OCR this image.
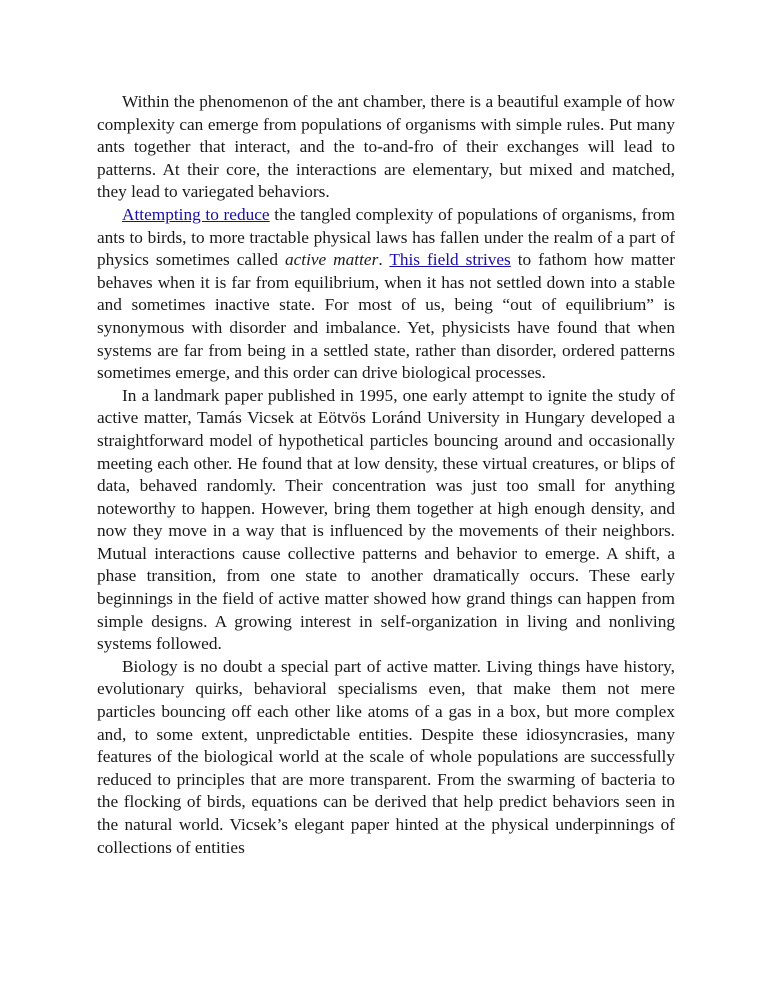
Within the phenomenon of the ant chamber, there is a beautiful example of how complexity can emerge from populations of organisms with simple rules. Put many ants together that interact, and the to-and-fro of their exchanges will lead to patterns. At their core, the interactions are elementary, but mixed and matched, they lead to variegated behaviors.

Attempting to reduce the tangled complexity of populations of organisms, from ants to birds, to more tractable physical laws has fallen under the realm of a part of physics sometimes called active matter. This field strives to fathom how matter behaves when it is far from equilibrium, when it has not settled down into a stable and sometimes inactive state. For most of us, being “out of equilibrium” is synonymous with disorder and imbalance. Yet, physicists have found that when systems are far from being in a settled state, rather than disorder, ordered patterns sometimes emerge, and this order can drive biological processes.

In a landmark paper published in 1995, one early attempt to ignite the study of active matter, Tamás Vicsek at Eötvös Loránd University in Hungary developed a straightforward model of hypothetical particles bouncing around and occasionally meeting each other. He found that at low density, these virtual creatures, or blips of data, behaved randomly. Their concentration was just too small for anything noteworthy to happen. However, bring them together at high enough density, and now they move in a way that is influenced by the movements of their neighbors. Mutual interactions cause collective patterns and behavior to emerge. A shift, a phase transition, from one state to another dramatically occurs. These early beginnings in the field of active matter showed how grand things can happen from simple designs. A growing interest in self-organization in living and nonliving systems followed.

Biology is no doubt a special part of active matter. Living things have history, evolutionary quirks, behavioral specialisms even, that make them not mere particles bouncing off each other like atoms of a gas in a box, but more complex and, to some extent, unpredictable entities. Despite these idiosyncrasies, many features of the biological world at the scale of whole populations are successfully reduced to principles that are more transparent. From the swarming of bacteria to the flocking of birds, equations can be derived that help predict behaviors seen in the natural world. Vicsek’s elegant paper hinted at the physical underpinnings of collections of entities
